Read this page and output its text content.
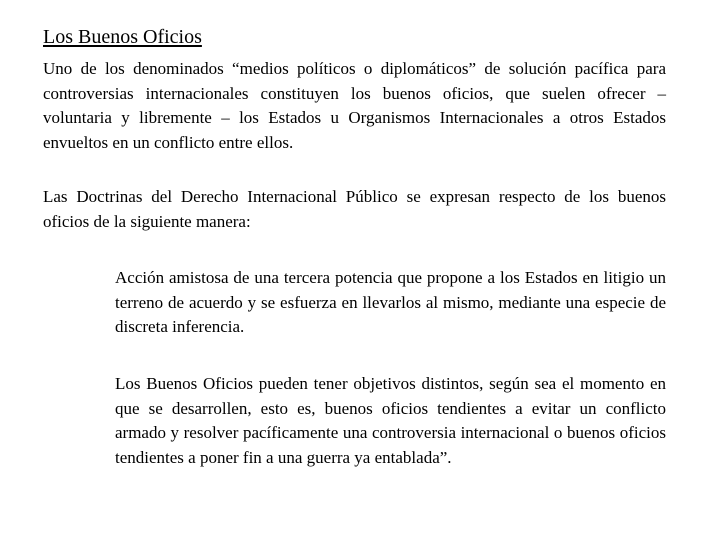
Los Buenos Oficios

Uno de los denominados “medios políticos o diplomáticos” de solución pacífica para controversias internacionales constituyen los buenos oficios, que suelen ofrecer – voluntaria y libremente – los Estados u Organismos Internacionales a otros Estados envueltos en un conflicto entre ellos.

Las Doctrinas del Derecho Internacional Público se expresan respecto de los buenos oficios de la siguiente manera:

Acción amistosa de una tercera potencia que propone a los Estados en litigio un terreno de acuerdo y se esfuerza en llevarlos al mismo, mediante una especie de discreta inferencia.

Los Buenos Oficios pueden tener objetivos distintos, según sea el momento en que se desarrollen, esto es, buenos oficios tendientes a evitar un conflicto armado y resolver pacíficamente una controversia internacional o buenos oficios tendientes a poner fin a una guerra ya entablada”.
